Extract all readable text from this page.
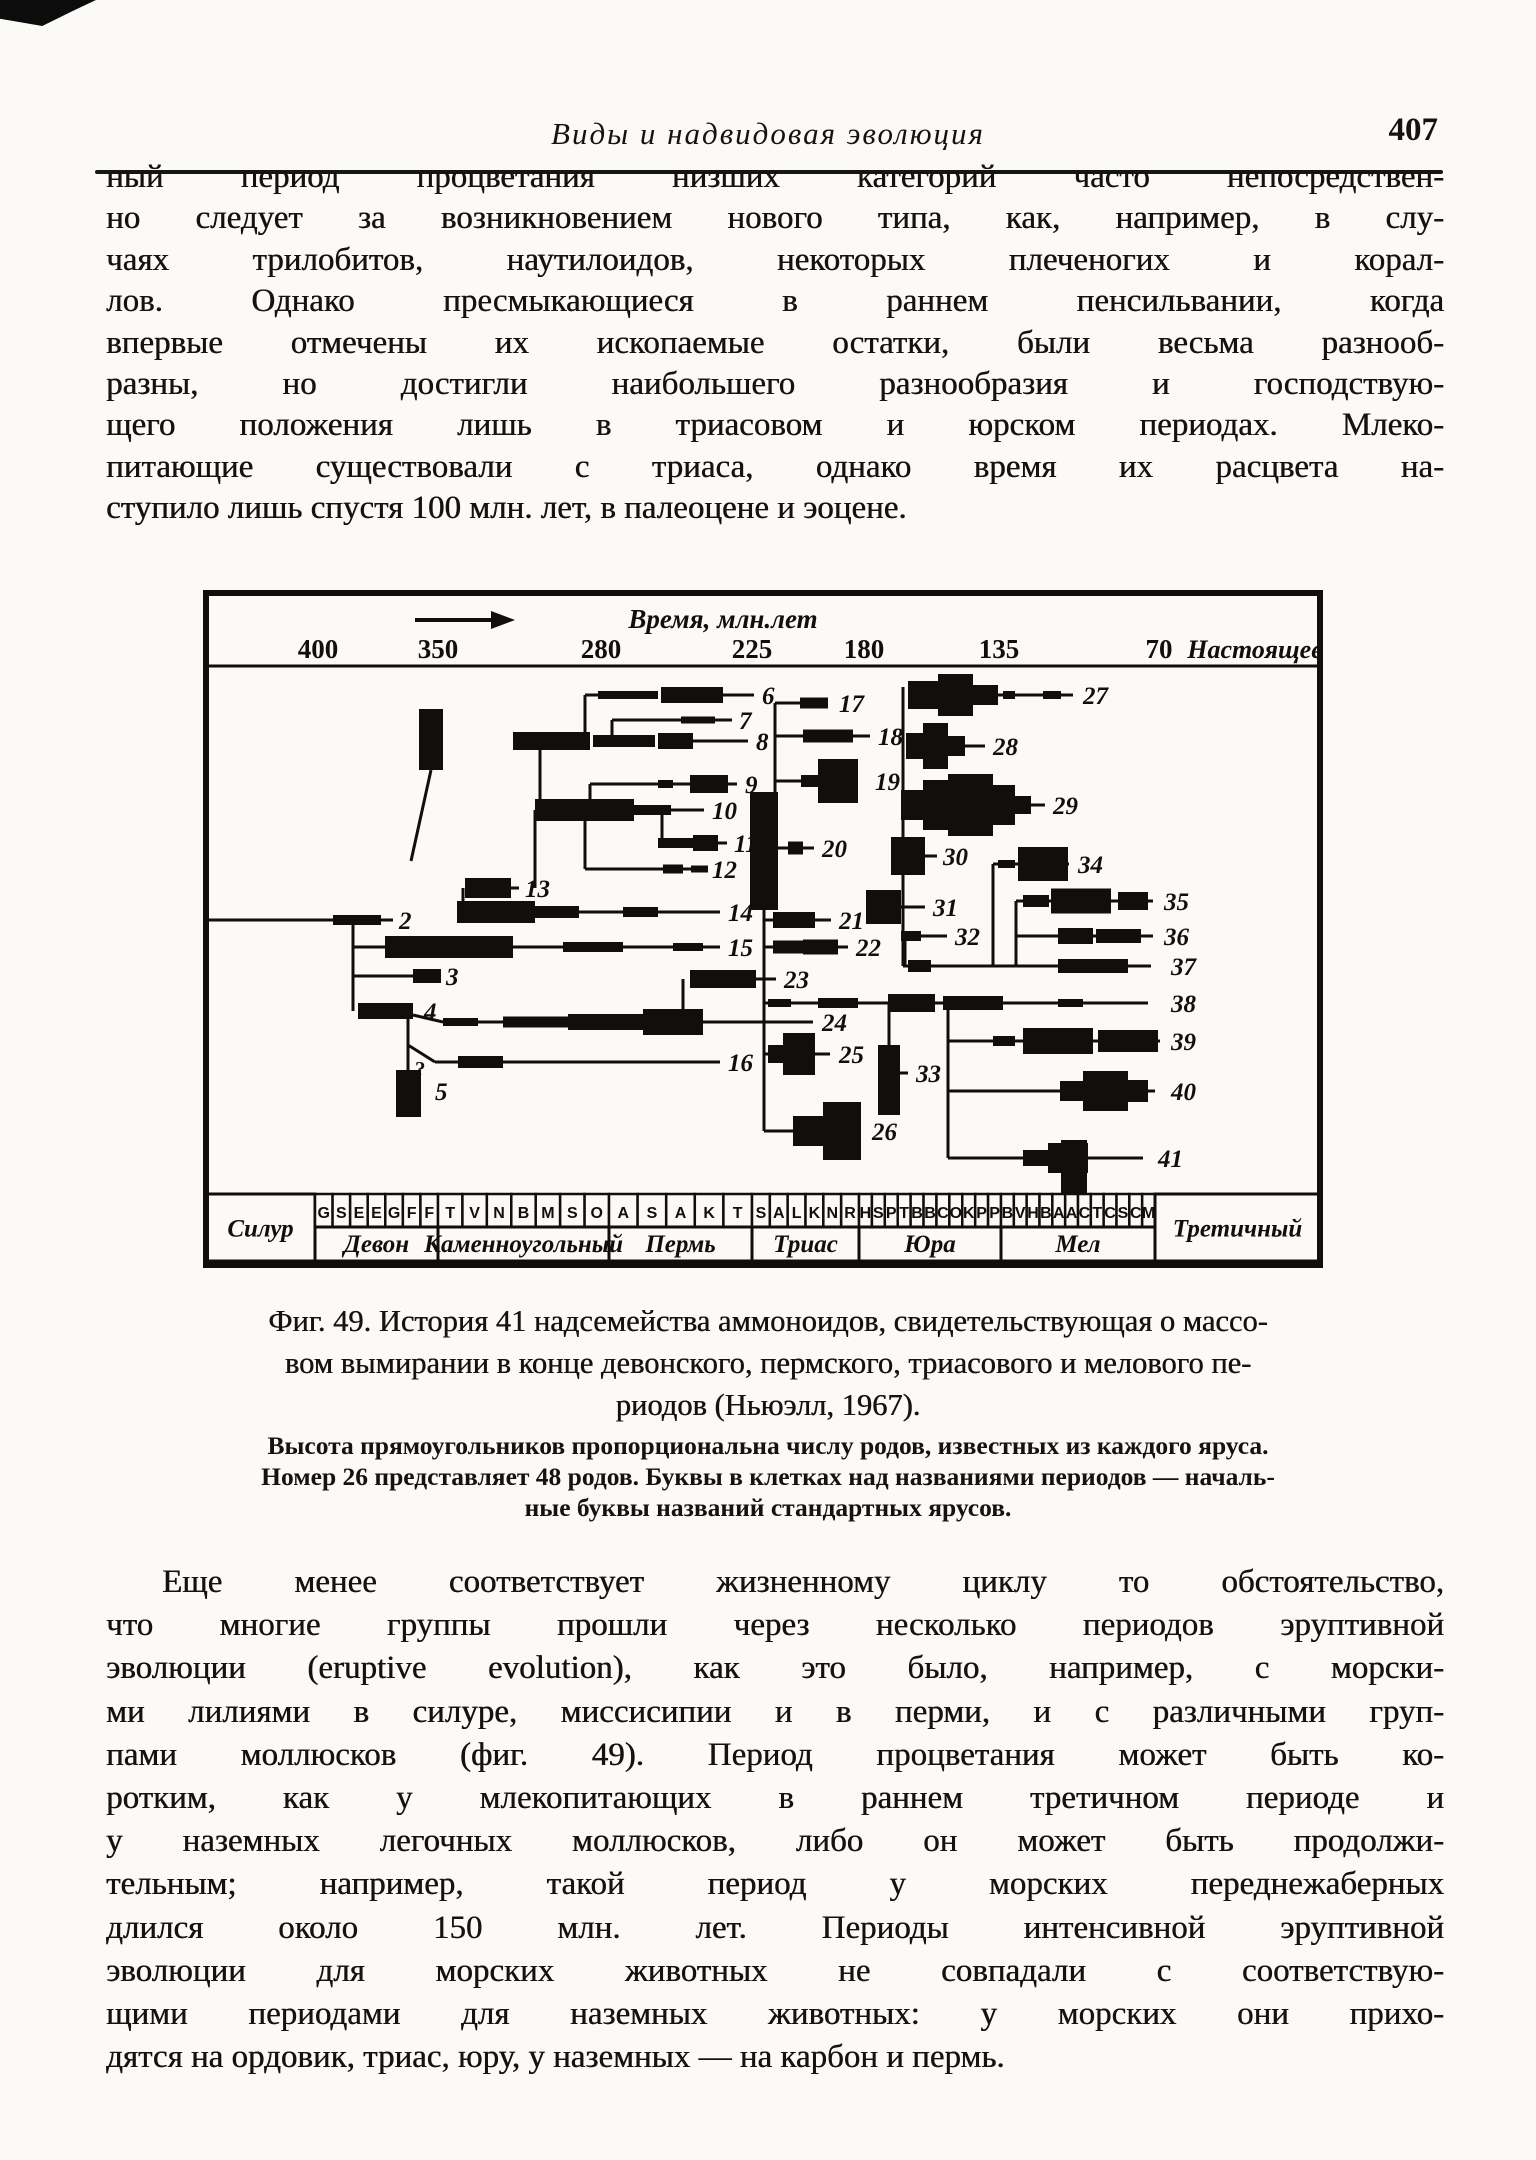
Виды и надвидовая эволюция	407
ный период процветания низших категорий часто непосредствен-
но следует за возникновением нового типа, как, например, в слу-
чаях трилобитов, наутилоидов, некоторых плеченогих и корал-
лов. Однако пресмыкающиеся в раннем пенсильвании, когда
впервые отмечены их ископаемые остатки, были весьма разнооб-
разны, но достигли наибольшего разнообразия и господствую-
щего положения лишь в триасовом и юрском периодах. Млеко-
питающие существовали с триаса, однако время их расцвета на-
ступило лишь спустя 100 млн. лет, в палеоцене и эоцене.
Время, млн.лет
400	350	280	225	180	135	70 Настоящее
2
3
4
5
6
7
8
9
10
11
12
13
14
15
16
17
18
19
20
21
22
23
24
25
26
27
28
29
30
31
32
33
34
35
36
37
38
39
40
41
?
Силур
G S E E G F F
Девон
T V N B M S O
Каменноугольный
A S A K T
Пермь
S A L K N R
Триас
H S P T B B C O K P P
Юра
B V H B A A C T C S C M
Мел
Третичный
Фиг. 49. История 41 надсемейства аммоноидов, свидетельствующая о массо-
вом вымирании в конце девонского, пермского, триасового и мелового пе-
риодов (Ньюэлл, 1967).
Высота прямоугольников пропорциональна числу родов, известных из каждого яруса.
Номер 26 представляет 48 родов. Буквы в клетках над названиями периодов — началь-
ные буквы названий стандартных ярусов.
Еще менее соответствует жизненному циклу то обстоятельство,
что многие группы прошли через несколько периодов эруптивной
эволюции (eruptive evolution), как это было, например, с морски-
ми лилиями в силуре, миссисипии и в перми, и с различными груп-
пами моллюсков (фиг. 49). Период процветания может быть ко-
ротким, как у млекопитающих в раннем третичном периоде и
у наземных легочных моллюсков, либо он может быть продолжи-
тельным; например, такой период у морских переднежаберных
длился около 150 млн. лет. Периоды интенсивной эруптивной
эволюции для морских животных не совпадали с соответствую-
щими периодами для наземных животных: у морских они прихо-
дятся на ордовик, триас, юру, у наземных — на карбон и пермь.
